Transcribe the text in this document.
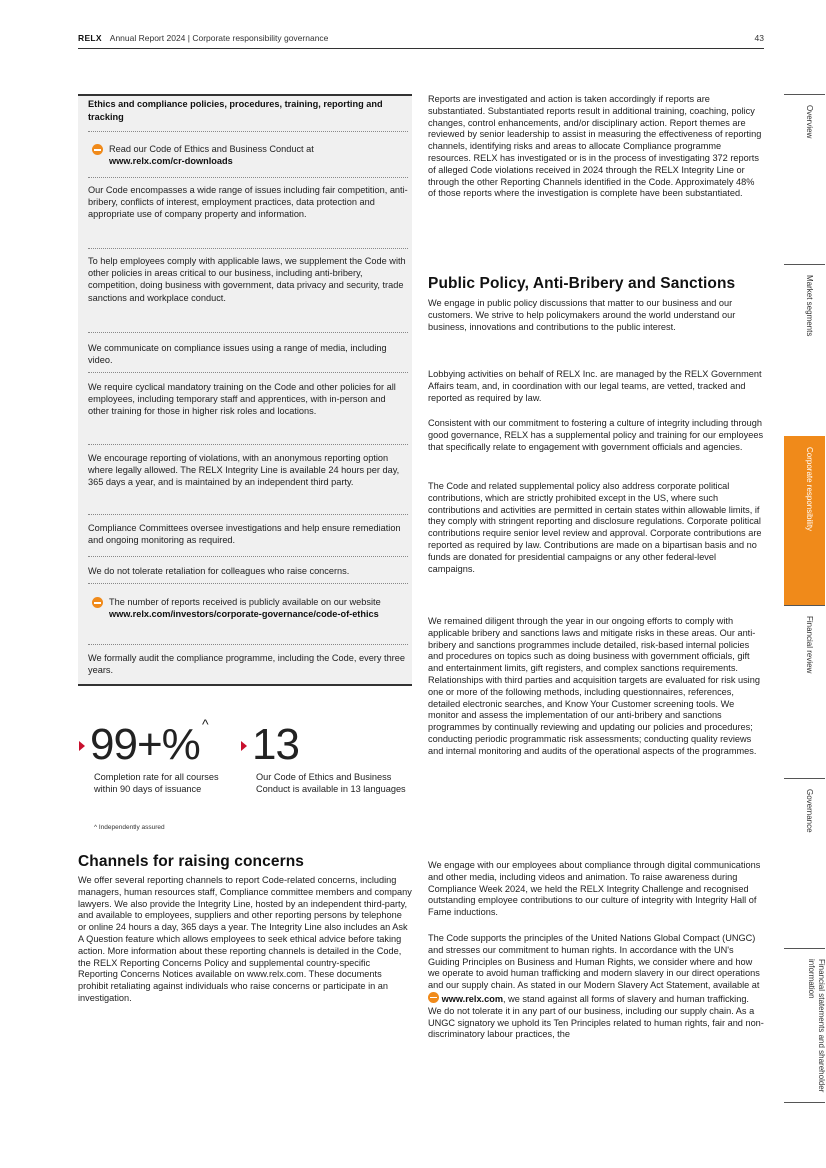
RELX Annual Report 2024 | Corporate responsibility governance	43
Ethics and compliance policies, procedures, training, reporting and tracking
Read our Code of Ethics and Business Conduct at
www.relx.com/cr-downloads
Our Code encompasses a wide range of issues including fair competition, anti-bribery, conflicts of interest, employment practices, data protection and appropriate use of company property and information.
To help employees comply with applicable laws, we supplement the Code with other policies in areas critical to our business, including anti-bribery, competition, doing business with government, data privacy and security, trade sanctions and workplace conduct.
We communicate on compliance issues using a range of media, including video.
We require cyclical mandatory training on the Code and other policies for all employees, including temporary staff and apprentices, with in-person and other training for those in higher risk roles and locations.
We encourage reporting of violations, with an anonymous reporting option where legally allowed. The RELX Integrity Line is available 24 hours per day, 365 days a year, and is maintained by an independent third party.
Compliance Committees oversee investigations and help ensure remediation and ongoing monitoring as required.
We do not tolerate retaliation for colleagues who raise concerns.
The number of reports received is publicly available on our website www.relx.com/investors/corporate-governance/code-of-ethics
We formally audit the compliance programme, including the Code, every three years.
99+% ^
Completion rate for all courses within 90 days of issuance
^ Independently assured
13
Our Code of Ethics and Business Conduct is available in 13 languages
Channels for raising concerns
We offer several reporting channels to report Code-related concerns, including managers, human resources staff, Compliance committee members and company lawyers. We also provide the Integrity Line, hosted by an independent third-party, and available to employees, suppliers and other reporting persons by telephone or online 24 hours a day, 365 days a year. The Integrity Line also includes an Ask A Question feature which allows employees to seek ethical advice before taking action. More information about these reporting channels is detailed in the Code, the RELX Reporting Concerns Policy and supplemental country-specific Reporting Concerns Notices available on www.relx.com. These documents prohibit retaliating against individuals who raise concerns or participate in an investigation.
Reports are investigated and action is taken accordingly if reports are substantiated. Substantiated reports result in additional training, coaching, policy changes, control enhancements, and/or disciplinary action. Report themes are reviewed by senior leadership to assist in measuring the effectiveness of reporting channels, identifying risks and areas to allocate Compliance programme resources. RELX has investigated or is in the process of investigating 372 reports of alleged Code violations received in 2024 through the RELX Integrity Line or through the other Reporting Channels identified in the Code. Approximately 48% of those reports where the investigation is complete have been substantiated.
Public Policy, Anti-Bribery and Sanctions
We engage in public policy discussions that matter to our business and our customers. We strive to help policymakers around the world understand our business, innovations and contributions to the public interest.
Lobbying activities on behalf of RELX Inc. are managed by the RELX Government Affairs team, and, in coordination with our legal teams, are vetted, tracked and reported as required by law.
Consistent with our commitment to fostering a culture of integrity including through good governance, RELX has a supplemental policy and training for our employees that specifically relate to engagement with government officials and agencies.
The Code and related supplemental policy also address corporate political contributions, which are strictly prohibited except in the US, where such contributions and activities are permitted in certain states within allowable limits, if they comply with stringent reporting and disclosure regulations. Corporate political contributions require senior level review and approval. Corporate contributions are reported as required by law. Contributions are made on a bipartisan basis and no funds are donated for presidential campaigns or any other federal-level campaigns.
We remained diligent through the year in our ongoing efforts to comply with applicable bribery and sanctions laws and mitigate risks in these areas. Our anti-bribery and sanctions programmes include detailed, risk-based internal policies and procedures on topics such as doing business with government officials, gift and entertainment limits, gift registers, and complex sanctions requirements. Relationships with third parties and acquisition targets are evaluated for risk using one or more of the following methods, including questionnaires, references, detailed electronic searches, and Know Your Customer screening tools. We monitor and assess the implementation of our anti-bribery and sanctions programmes by continually reviewing and updating our policies and procedures; conducting periodic programmatic risk assessments; conducting quality reviews and internal monitoring and audits of the operational aspects of the programmes.
We engage with our employees about compliance through digital communications and other media, including videos and animation. To raise awareness during Compliance Week 2024, we held the RELX Integrity Challenge and recognised outstanding employee contributions to our culture of integrity with Integrity Hall of Fame inductions.
The Code supports the principles of the United Nations Global Compact (UNGC) and stresses our commitment to human rights. In accordance with the UN's Guiding Principles on Business and Human Rights, we consider where and how we operate to avoid human trafficking and modern slavery in our direct operations and our supply chain. As stated in our Modern Slavery Act Statement, available at  www.relx.com, we stand against all forms of slavery and human trafficking. We do not tolerate it in any part of our business, including our supply chain. As a UNGC signatory we uphold its Ten Principles related to human rights, fair and non-discriminatory labour practices, the
Overview
Market segments
Corporate responsibility
Financial review
Governance
Financial statements and shareholder information
